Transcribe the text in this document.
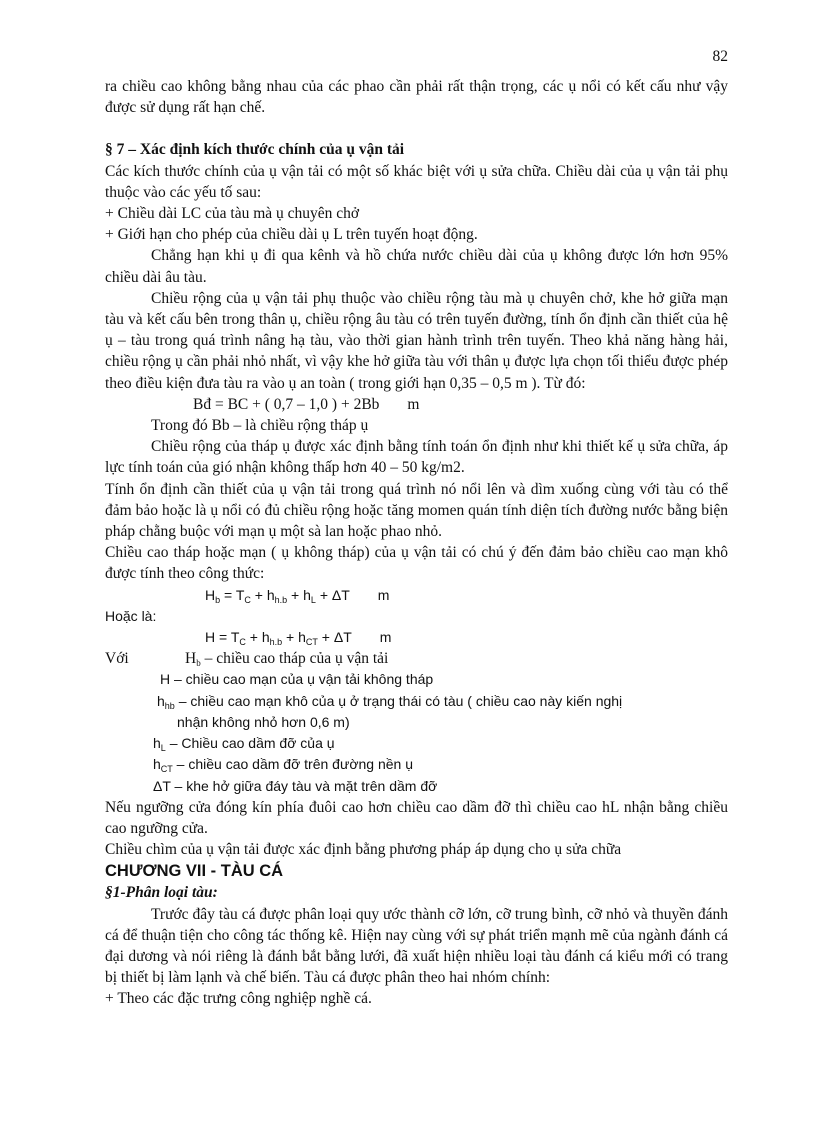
82

ra chiều cao không bằng nhau của các phao cần phải rất thận trọng, các ụ nổi có kết cấu như vậy được sử dụng rất hạn chế.

§ 7 – Xác định kích thước chính của ụ vận tải

Các kích thước chính của ụ vận tải có một số khác biệt với ụ sửa chữa. Chiều dài của ụ vận tải phụ thuộc vào các yếu tố sau:

+ Chiều dài LC của tàu mà ụ chuyên chở

+ Giới hạn cho phép của chiều dài ụ L trên tuyến hoạt động.

Chẳng hạn khi ụ đi qua kênh và hồ chứa nước chiều dài của ụ không được lớn hơn 95% chiều dài âu tàu.

Chiều rộng của ụ vận tải phụ thuộc vào chiều rộng tàu mà ụ chuyên chở, khe hở giữa mạn tàu và kết cấu bên trong thân ụ, chiều rộng âu tàu có trên tuyến đường, tính ổn định cần thiết của hệ ụ – tàu trong quá trình nâng hạ tàu, vào thời gian hành trình trên tuyến. Theo khả năng hàng hải, chiều rộng ụ cần phải nhỏ nhất, vì vậy khe hở giữa tàu với thân ụ được lựa chọn tối thiểu được phép theo điều kiện đưa tàu ra vào ụ an toàn ( trong giới hạn 0,35 – 0,5 m ). Từ đó:

Bđ = BC + ( 0,7 – 1,0 ) + 2Bb m

Trong đó Bb – là chiều rộng tháp ụ

Chiều rộng của tháp ụ được xác định bằng tính toán ổn định như khi thiết kế ụ sửa chữa, áp lực tính toán của gió nhận không thấp hơn 40 – 50 kg/m2.

Tính ổn định cần thiết của ụ vận tải trong quá trình nó nổi lên và dìm xuống cùng với tàu có thể đảm bảo hoặc là ụ nổi có đủ chiều rộng hoặc tăng momen quán tính diện tích đường nước bằng biện pháp chằng buộc với mạn ụ một sà lan hoặc phao nhỏ.

Chiều cao tháp hoặc mạn ( ụ không tháp) của ụ vận tải có chú ý đến đảm bảo chiều cao mạn khô được tính theo công thức:

$H_b = T_C + h_{h.b} + h_L + \Delta T$ m

Hoặc là:

$H = T_C + h_{h.b} + h_{CT} + \Delta T$ m

Với	$H_b$ – chiều cao tháp của ụ vận tải

H – chiều cao mạn của ụ vận tải không tháp

$h_{hb}$ – chiều cao mạn khô của ụ ở trạng thái có tàu ( chiều cao này kiến nghị

nhận không nhỏ hơn 0,6 m)

$h_L$ – Chiều cao dầm đỡ của ụ

$h_{CT}$ – chiều cao dầm đỡ trên đường nền ụ

ΔT – khe hở giữa đáy tàu và mặt trên dầm đỡ

Nếu ngưỡng cửa đóng kín phía đuôi cao hơn chiều cao dầm đỡ thì chiều cao hL nhận bằng chiều cao ngưỡng cửa.

Chiều chìm của ụ vận tải được xác định bằng phương pháp áp dụng cho ụ sửa chữa

CHƯƠNG VII - TÀU CÁ

§1-Phân loại tàu:

Trước đây tàu cá được phân loại quy ước thành cỡ lớn, cỡ trung bình, cỡ nhỏ và thuyền đánh cá để thuận tiện cho công tác thống kê. Hiện nay cùng với sự phát triển mạnh mẽ của ngành đánh cá đại dương và nói riêng là đánh bắt bằng lưới, đã xuất hiện nhiều loại tàu đánh cá kiểu mới có trang bị thiết bị làm lạnh và chế biến. Tàu cá được phân theo hai nhóm chính:

+ Theo các đặc trưng công nghiệp nghề cá.
